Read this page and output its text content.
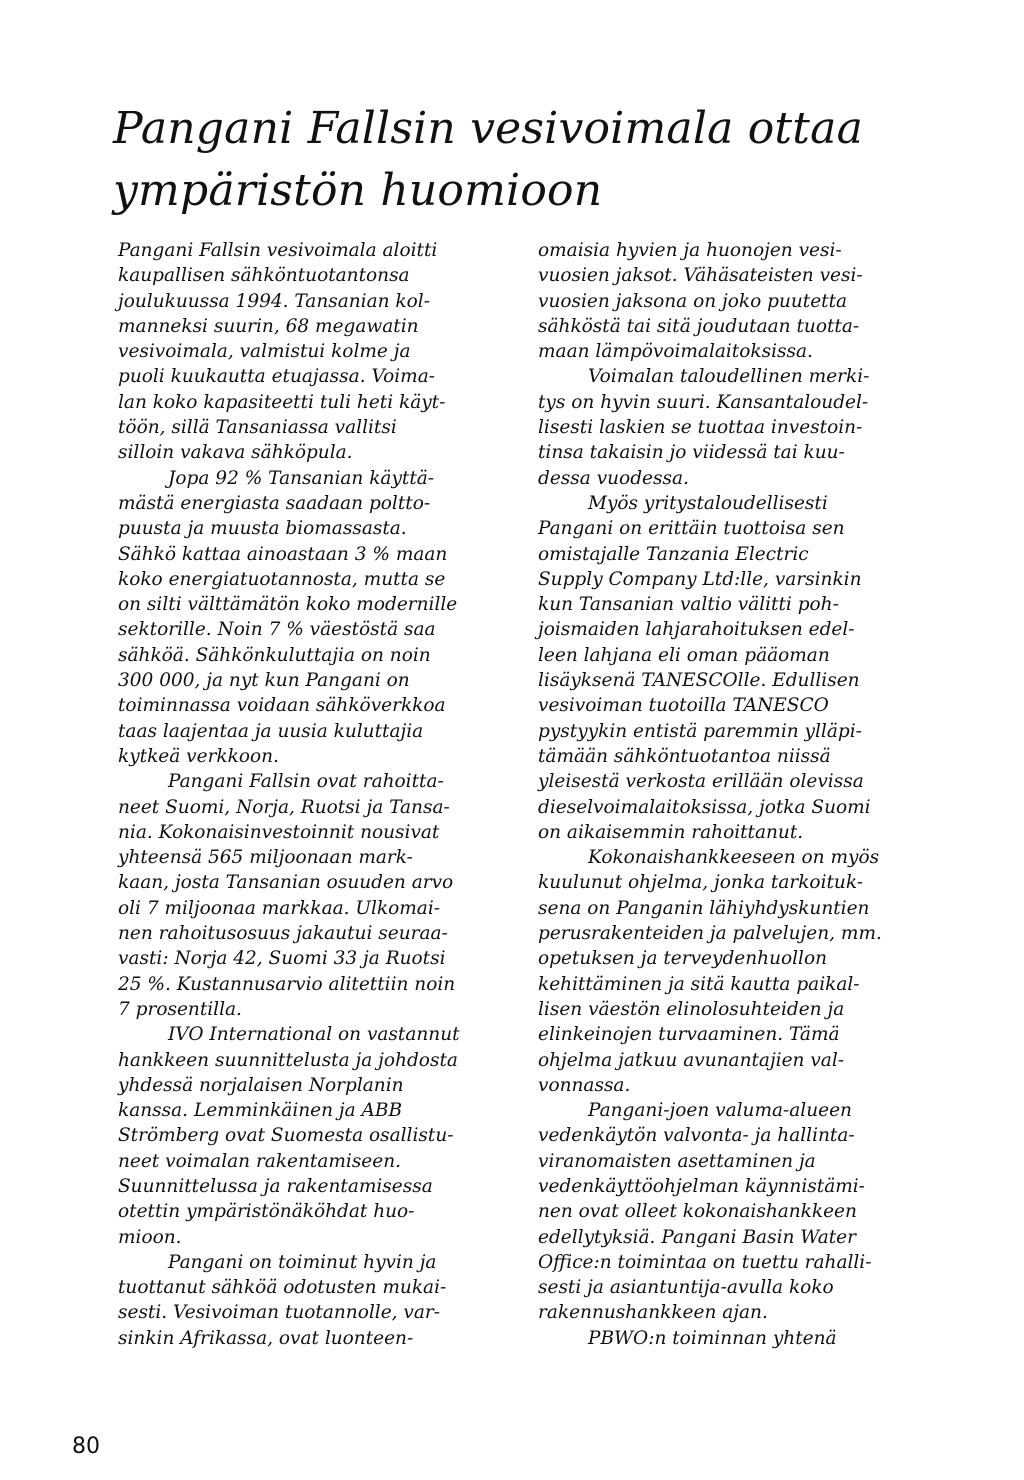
Pangani Fallsin vesivoimala ottaa
ympäristön huomioon
Pangani Fallsin vesivoimala aloitti
kaupallisen sähköntuotantonsa
joulukuussa 1994. Tansanian kol-
manneksi suurin, 68 megawatin
vesivoimala, valmistui kolme ja
puoli kuukautta etuajassa. Voima-
lan koko kapasiteetti tuli heti käyt-
töön, sillä Tansaniassa vallitsi
silloin vakava sähköpula.
Jopa 92 % Tansanian käyttä-
mästä energiasta saadaan poltto-
puusta ja muusta biomassasta.
Sähkö kattaa ainoastaan 3 % maan
koko energiatuotannosta, mutta se
on silti välttämätön koko modernille
sektorille. Noin 7 % väestöstä saa
sähköä. Sähkönkuluttajia on noin
300 000, ja nyt kun Pangani on
toiminnassa voidaan sähköverkkoa
taas laajentaa ja uusia kuluttajia
kytkeä verkkoon.
Pangani Fallsin ovat rahoitta-
neet Suomi, Norja, Ruotsi ja Tansa-
nia. Kokonaisinvestoinnit nousivat
yhteensä 565 miljoonaan mark-
kaan, josta Tansanian osuuden arvo
oli 7 miljoonaa markkaa. Ulkomai-
nen rahoitusosuus jakautui seuraa-
vasti: Norja 42, Suomi 33 ja Ruotsi
25 %. Kustannusarvio alitettiin noin
7 prosentilla.
IVO International on vastannut
hankkeen suunnittelusta ja johdosta
yhdessä norjalaisen Norplanin
kanssa. Lemminkäinen ja ABB
Strömberg ovat Suomesta osallistu-
neet voimalan rakentamiseen.
Suunnittelussa ja rakentamisessa
otettin ympäristönäköhdat huo-
mioon.
Pangani on toiminut hyvin ja
tuottanut sähköä odotusten mukai-
sesti. Vesivoiman tuotannolle, var-
sinkin Afrikassa, ovat luonteen-
omaisia hyvien ja huonojen vesi-
vuosien jaksot. Vähäsateisten vesi-
vuosien jaksona on joko puutetta
sähköstä tai sitä joudutaan tuotta-
maan lämpövoimalaitoksissa.
Voimalan taloudellinen merki-
tys on hyvin suuri. Kansantaloudel-
lisesti laskien se tuottaa investoin-
tinsa takaisin jo viidessä tai kuu-
dessa vuodessa.
Myös yritystaloudellisesti
Pangani on erittäin tuottoisa sen
omistajalle Tanzania Electric
Supply Company Ltd:lle, varsinkin
kun Tansanian valtio välitti poh-
joismaiden lahjarahoituksen edel-
leen lahjana eli oman pääoman
lisäyksenä TANESCOlle. Edullisen
vesivoiman tuotoilla TANESCO
pystyykin entistä paremmin ylläpi-
tämään sähköntuotantoa niissä
yleisestä verkosta erillään olevissa
dieselvoimalaitoksissa, jotka Suomi
on aikaisemmin rahoittanut.
Kokonaishankkeeseen on myös
kuulunut ohjelma, jonka tarkoituk-
sena on Panganin lähiyhdyskuntien
perusrakenteiden ja palvelujen, mm.
opetuksen ja terveydenhuollon
kehittäminen ja sitä kautta paikal-
lisen väestön elinolosuhteiden ja
elinkeinojen turvaaminen. Tämä
ohjelma jatkuu avunantajien val-
vonnassa.
Pangani-joen valuma-alueen
vedenkäytön valvonta- ja hallinta-
viranomaisten asettaminen ja
vedenkäyttöohjelman käynnistämi-
nen ovat olleet kokonaishankkeen
edellytyksiä. Pangani Basin Water
Office:n toimintaa on tuettu rahalli-
sesti ja asiantuntija-avulla koko
rakennushankkeen ajan.
PBWO:n toiminnan yhtenä
80
